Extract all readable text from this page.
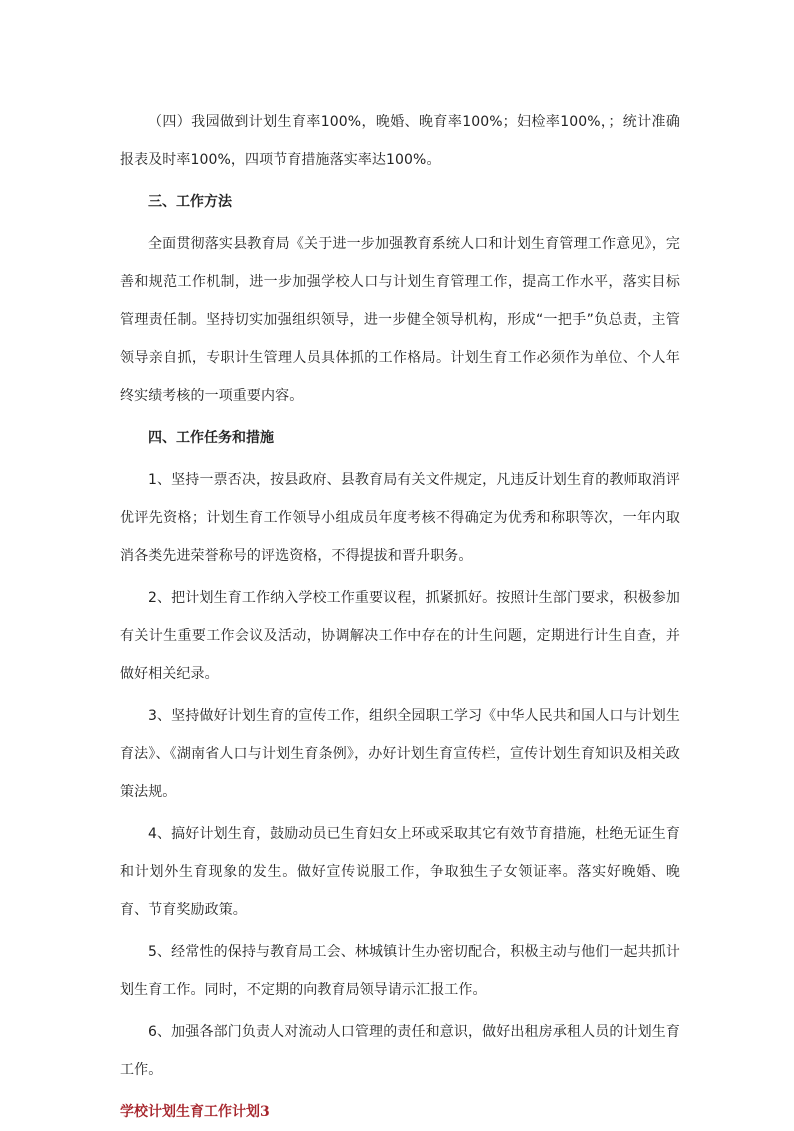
（四）我园做到计划生育率100%，晚婚、晚育率100%；妇检率100%，；统计准确报表及时率100%，四项节育措施落实率达100%。

三、工作方法

全面贯彻落实县教育局《关于进一步加强教育系统人口和计划生育管理工作意见》，完善和规范工作机制，进一步加强学校人口与计划生育管理工作，提高工作水平，落实目标管理责任制。坚持切实加强组织领导，进一步健全领导机构，形成“一把手”负总责，主管领导亲自抓，专职计生管理人员具体抓的工作格局。计划生育工作必须作为单位、个人年终实绩考核的一项重要内容。

四、工作任务和措施

1、坚持一票否决，按县政府、县教育局有关文件规定，凡违反计划生育的教师取消评优评先资格；计划生育工作领导小组成员年度考核不得确定为优秀和称职等次，一年内取消各类先进荣誉称号的评选资格，不得提拔和晋升职务。

2、把计划生育工作纳入学校工作重要议程，抓紧抓好。按照计生部门要求，积极参加有关计生重要工作会议及活动，协调解决工作中存在的计生问题，定期进行计生自查，并做好相关纪录。

3、坚持做好计划生育的宣传工作，组织全园职工学习《中华人民共和国人口与计划生育法》、《湖南省人口与计划生育条例》，办好计划生育宣传栏，宣传计划生育知识及相关政策法规。

4、搞好计划生育，鼓励动员已生育妇女上环或采取其它有效节育措施，杜绝无证生育和计划外生育现象的发生。做好宣传说服工作，争取独生子女领证率。落实好晚婚、晚育、节育奖励政策。

5、经常性的保持与教育局工会、林城镇计生办密切配合，积极主动与他们一起共抓计划生育工作。同时，不定期的向教育局领导请示汇报工作。

6、加强各部门负责人对流动人口管理的责任和意识，做好出租房承租人员的计划生育工作。

学校计划生育工作计划3
